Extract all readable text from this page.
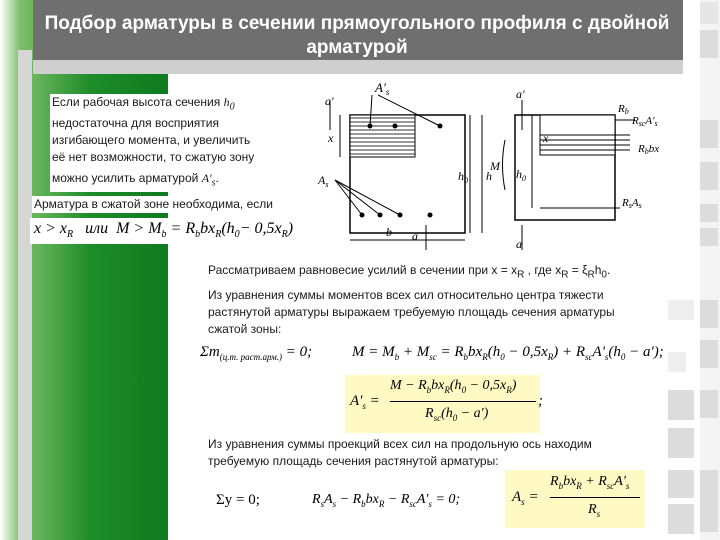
Подбор арматуры в сечении прямоугольного профиля с двойной арматурой
Если рабочая высота сечения $h_0$
недостаточна для восприятия
изгибающего момента, и увеличить
её нет возможности, то сжатую зону
можно усилить арматурой $A'_s$.
Арматура в сжатой зоне необходима, если
$x > x_R$ или $M > M_b = R_bbx_R(h_0- 0,5x_R)$
a'
$A'_s$
x
$h_0$ h
$A_s$
a
b
M
Rb
RscA's
Rbbx
RsAs
x
$h_0$
a'
a
Рассматриваем равновесие усилий в сечении при $x = x_R$ , где $x_R = \xi_Rh_0$.
Из уравнения суммы моментов всех сил относительно центра тяжести
растянутой арматуры выражаем требуемую площадь сечения арматуры
сжатой зоны:
$\Sigma m_{(ц.т. раст.арм.)} = 0$;	$M = M_b + M_{sc} = R_bbx_R(h_0 - 0,5x_R) + R_{sc}A'_s(h_0 - a')$;
$A'_s$ =
$M - R_bbx_R(h_0 - 0,5x_R)$
$R_{sc}(h_0 - a')$
;
Из уравнения суммы проекций всех сил на продольную ось находим
требуемую площадь сечения растянутой арматуры:
Σy = 0;	$R_sA_s - R_bbx_R - R_{sc}A'_s = 0$;	$A_s$ =
$R_bbx_R + R_{sc}A'_s$
$R_s$
